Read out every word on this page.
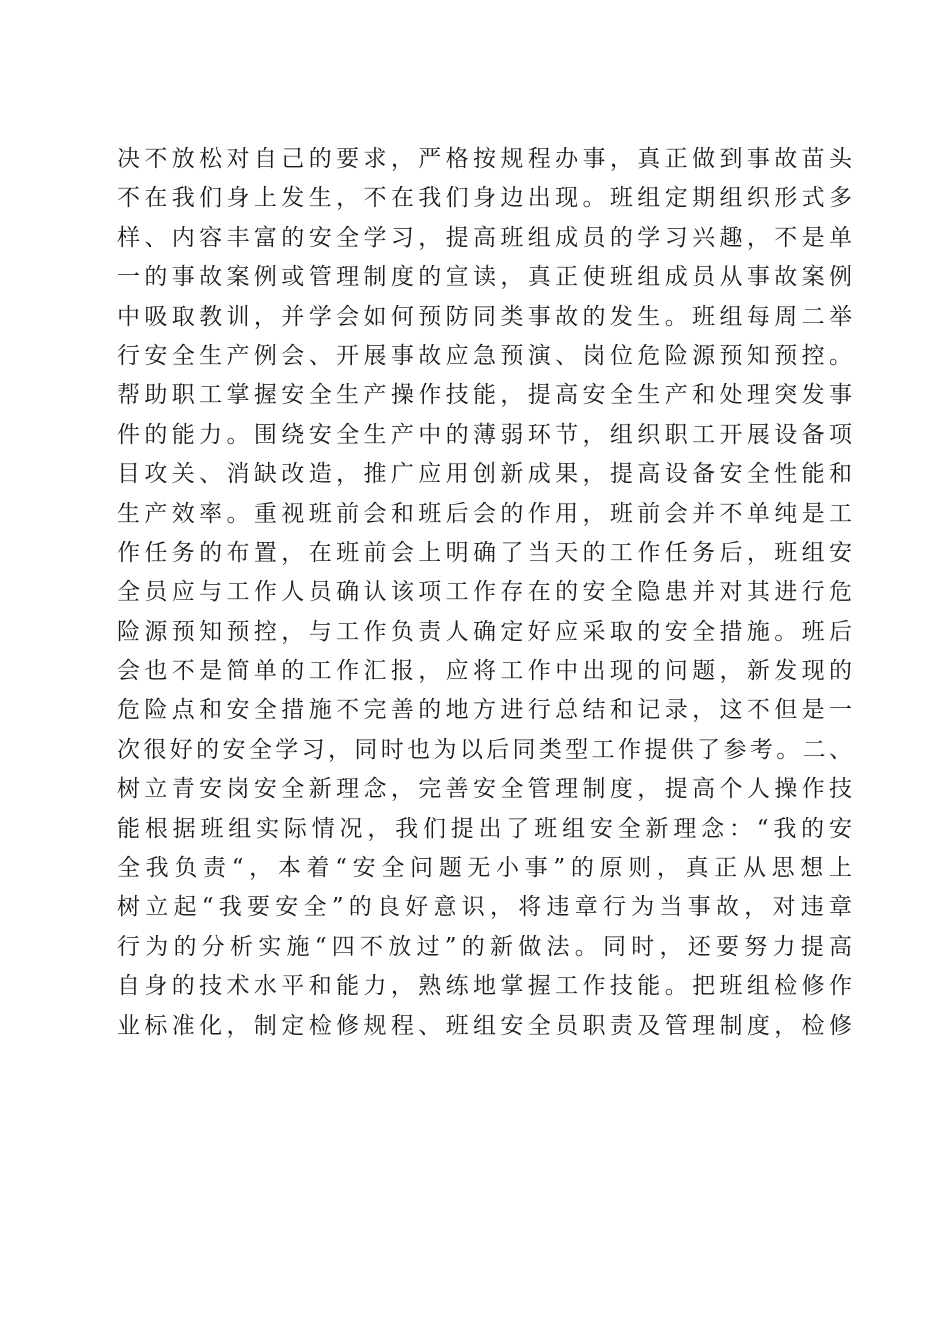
决不放松对自己的要求，严格按规程办事，真正做到事故苗头
不在我们身上发生，不在我们身边出现。班组定期组织形式多
样、内容丰富的安全学习，提高班组成员的学习兴趣，不是单
一的事故案例或管理制度的宣读，真正使班组成员从事故案例
中吸取教训，并学会如何预防同类事故的发生。班组每周二举
行安全生产例会、开展事故应急预演、岗位危险源预知预控。
帮助职工掌握安全生产操作技能，提高安全生产和处理突发事
件的能力。围绕安全生产中的薄弱环节，组织职工开展设备项
目攻关、消缺改造，推广应用创新成果，提高设备安全性能和
生产效率。重视班前会和班后会的作用，班前会并不单纯是工
作任务的布置，在班前会上明确了当天的工作任务后，班组安
全员应与工作人员确认该项工作存在的安全隐患并对其进行危
险源预知预控，与工作负责人确定好应采取的安全措施。班后
会也不是简单的工作汇报，应将工作中出现的问题，新发现的
危险点和安全措施不完善的地方进行总结和记录，这不但是一
次很好的安全学习，同时也为以后同类型工作提供了参考。二、
树立青安岗安全新理念，完善安全管理制度，提高个人操作技
能根据班组实际情况，我们提出了班组安全新理念：“我的安
全我负责“，本着“安全问题无小事”的原则，真正从思想上
树立起“我要安全”的良好意识，将违章行为当事故，对违章
行为的分析实施“四不放过”的新做法。同时，还要努力提高
自身的技术水平和能力，熟练地掌握工作技能。把班组检修作
业标准化，制定检修规程、班组安全员职责及管理制度，检修
